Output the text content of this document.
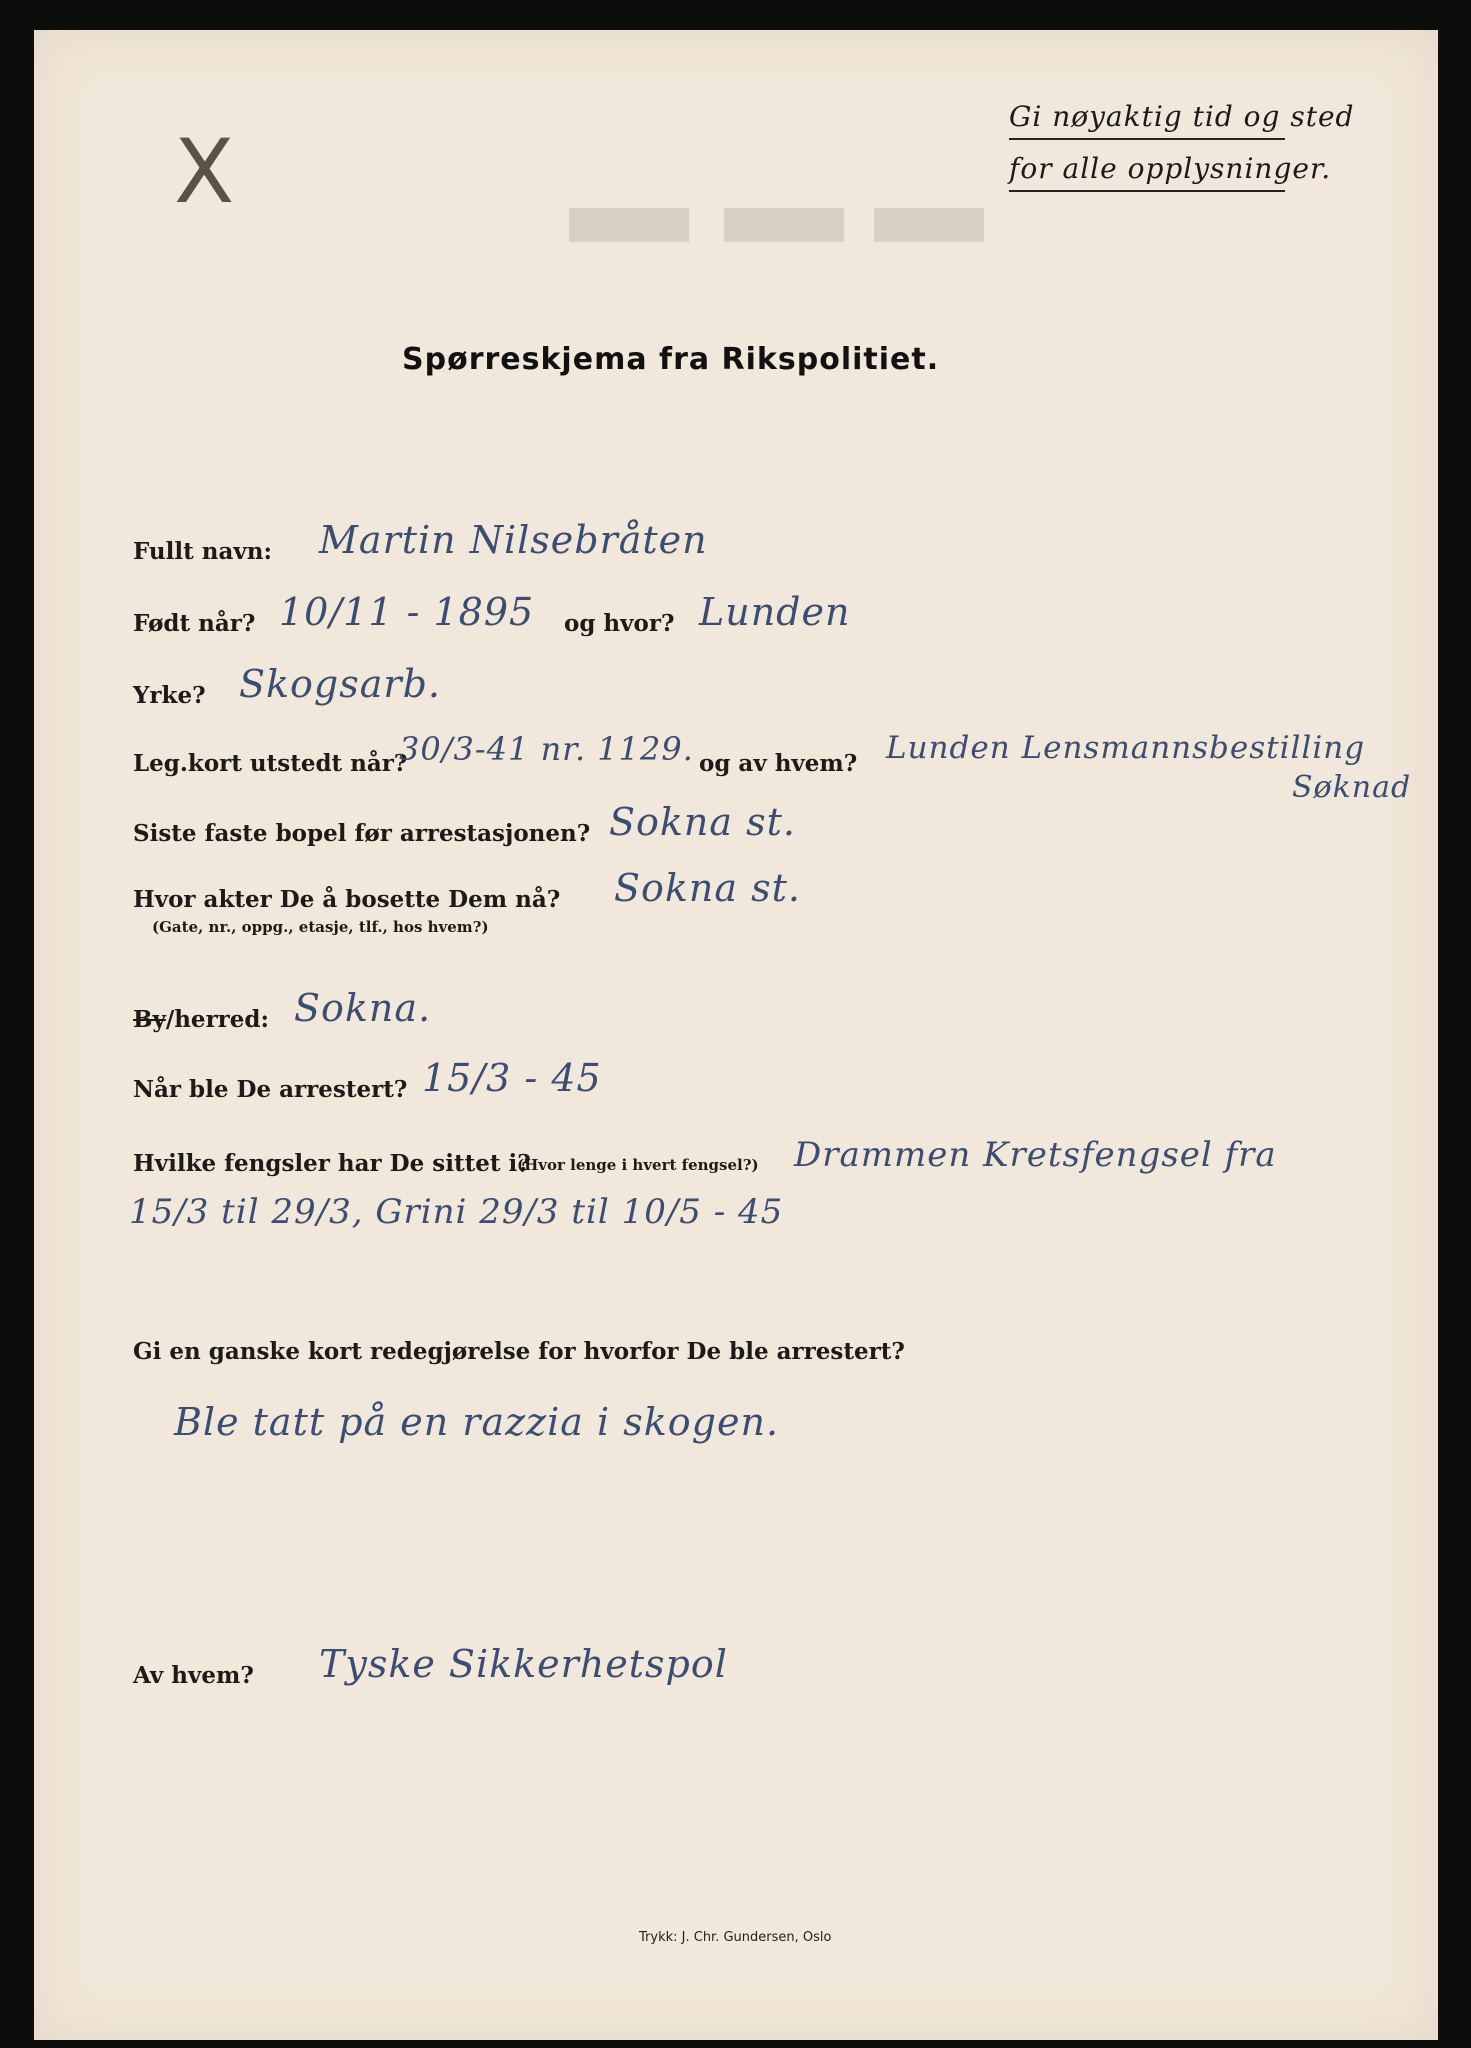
Gi nøyaktig tid og sted
for alle opplysninger.
X
Spørreskjema fra Rikspolitiet.
Fullt navn: Martin Nilsebråten
Født når? 10/11 - 1895 og hvor? Lunden
Yrke? Skogsarb.
Leg.kort utstedt når?
30/3-41 nr. 1129. og av hvem? Lunden Lensmannsbestilling
Søknad
Siste faste bopel før arrestasjonen? Sokna st.
Hvor akter De å bosette Dem nå?
(Gate, nr., oppg., etasje, tlf., hos hvem?)
Sokna st.
By/herred: Sokna.
Når ble De arrestert? 15/3 - 45
Hvilke fengsler har De sittet i?
(Hvor lenge i hvert fengsel?) Drammen Kretsfengsel fra
15/3 til 29/3, Grini 29/3 til 10/5 - 45
Gi en ganske kort redegjørelse for hvorfor De ble arrestert?
Ble tatt på en razzia i skogen.
Av hvem? Tyske Sikkerhetspol
Trykk: J. Chr. Gundersen, Oslo
